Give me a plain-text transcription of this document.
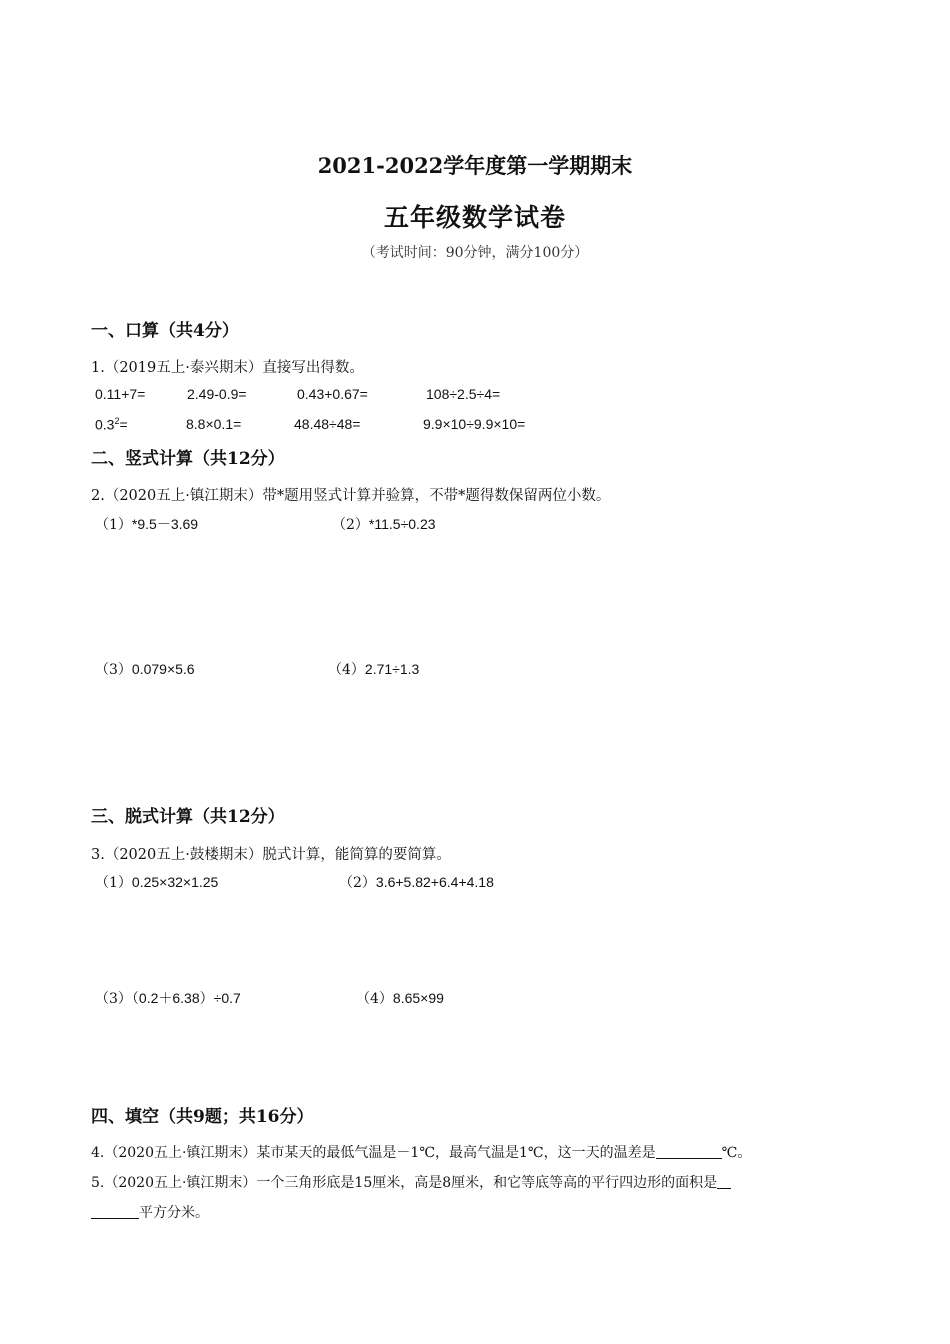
2021-2022学年度第一学期期末
五年级数学试卷
（考试时间：90分钟，满分100分）
一、口算（共4分）
1.（2019五上·泰兴期末）直接写出得数。
0.11+7=	2.49-0.9=	0.43+0.67=	108÷2.5÷4=
$0.3^2=$	8.8×0.1=	48.48÷48=	9.9×10÷9.9×10=
二、竖式计算（共12分）
2.（2020五上·镇江期末）带*题用竖式计算并验算，不带*题得数保留两位小数。
（1）*9.5－3.69	（2）*11.5÷0.23
（3）0.079×5.6	（4）2.71÷1.3
三、脱式计算（共12分）
3.（2020五上·鼓楼期末）脱式计算，能简算的要简算。
（1）0.25×32×1.25	（2）3.6+5.82+6.4+4.18
（3）（0.2＋6.38）÷0.7	（4）8.65×99
四、填空（共9题；共16分）
4.（2020五上·镇江期末）某市某天的最低气温是－1℃，最高气温是1℃，这一天的温差是	℃。
5.（2020五上·镇江期末）一个三角形底是15厘米，高是8厘米，和它等底等高的平行四边形的面积是
平方分米。
